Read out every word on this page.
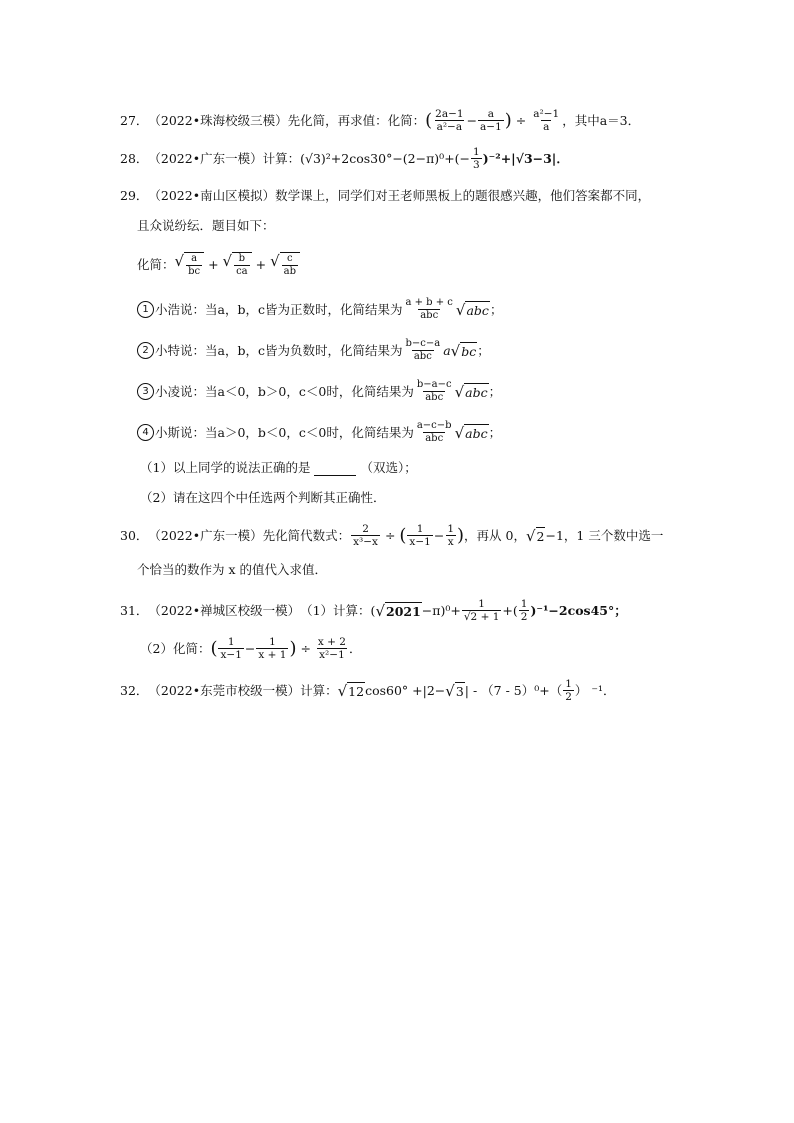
27． （2022•珠海校级三模） 先化简，再求值：化简： ( $\frac{2a-1}{\text{a²−a}} - \frac{a}{a-1}$ ) ÷ $\frac{\text{a²−1}}{a}$ ，其中a＝3．
28． （2022•广东一模） 计算： $(√3)^2+2\cos 30^\circ-(2-\pi)^0+(- \frac{1}{3} )^{-2}+|√3-3|$．
29． （2022•南山区模拟） 数学课上，同学们对王老师黑板上的题很感兴趣，他们答案都不同，
且众说纷纭．题目如下：
化简： √ $\frac{a}{bc}$ + √ $\frac{b}{ca}$ + √ $\frac{c}{ab}$
1 小浩说：当a，b，c皆为正数时，化简结果为 $\frac{a + b + c}{\text{abc}}$ √ abc ；
2 小特说：当a，b，c皆为负数时，化简结果为 $\frac{b-c-a}{\text{abc}}$ a √ bc ；
3 小凌说：当a＜0，b＞0，c＜0时，化简结果为 $\frac{b-a-c}{\text{abc}}$ √ abc ；
4 小斯说：当a＞0，b＜0，c＜0时，化简结果为 $\frac{a-c-b}{\text{abc}}$ √ abc ；
（1）以上同学的说法正确的是	（双选）；
（2）请在这四个中任选两个判断其正确性．
30． （2022•广东一模） 先化简代数式： $\frac{2}{\text{x³−x}}$ ÷ ( $\frac{1}{x-1} - \frac{1}{x}$ ) ，再从 0， √ 2 −1，1 三个数中选一
个恰当的数作为 x 的值代入求值．
31． （2022•禅城区校级一模） （1）计算： ( √ $2021 -\pi)^0+ \frac{1}{√2 + 1}$ +( $\frac{1}{2} )^{-1}-2\cos 45^\circ$；
（2）化简： ( $\frac{1}{x-1} - \frac{1}{x + 1}$ ) ÷ $\frac{x + 2}{\text{x²−1}}$ ．
32． （2022•东莞市校级一模） 计算： √ 12 cos60° +|2− √ 3 | - $(7 - 5)^0+( \frac{1}{2}$ ） ⁻¹．
